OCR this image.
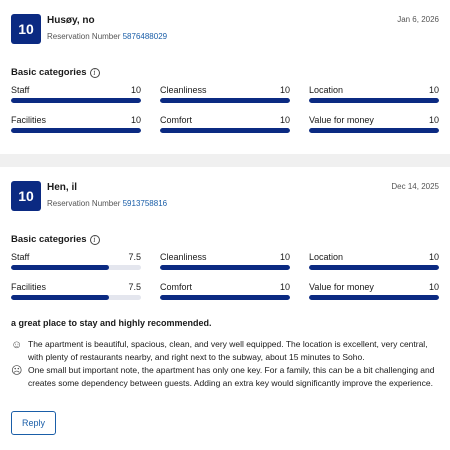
10
Husøy, no
Reservation Number 5876488029
Jan 6, 2026
Basic categories i
Staff	10 Cleanliness	10 Location	10
Facilities	10 Comfort	10 Value for money	10
10
Hen, il
Reservation Number 5913758816
Dec 14, 2025
Basic categories i
Staff	7.5 Cleanliness	10 Location	10
Facilities	7.5 Comfort	10 Value for money	10
a great place to stay and highly recommended.
☺ The apartment is beautiful, spacious, clean, and very well equipped. The location is excellent, very central, with plenty of restaurants nearby, and right next to the subway, about 15 minutes to Soho.

☹ One small but important note, the apartment has only one key. For a family, this can be a bit challenging and creates some dependency between guests. Adding an extra key would significantly improve the experience.

Reply
